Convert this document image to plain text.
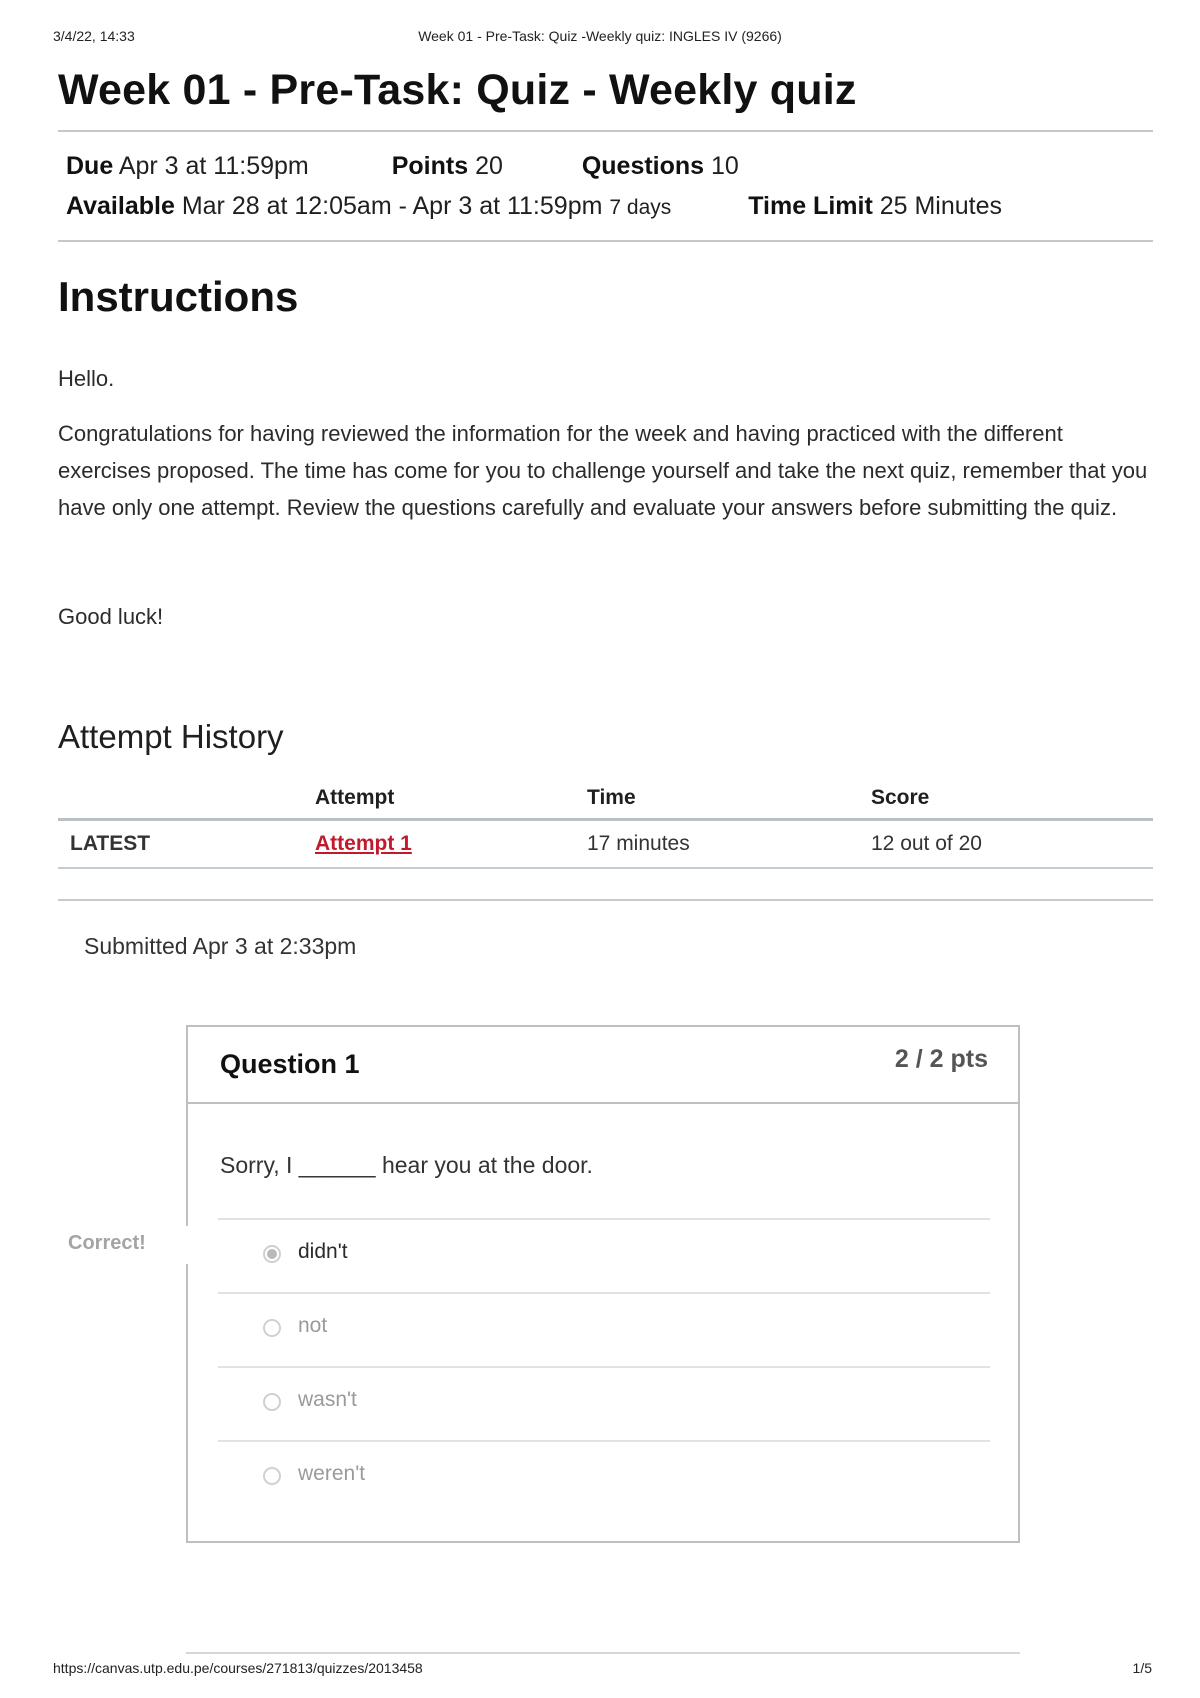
3/4/22, 14:33	Week 01 - Pre-Task: Quiz -Weekly quiz: INGLES IV (9266)
Week 01 - Pre-Task: Quiz - Weekly quiz
Due Apr 3 at 11:59pm	Points 20	Questions 10
Available Mar 28 at 12:05am - Apr 3 at 11:59pm 7 days	Time Limit 25 Minutes
Instructions

Hello.

Congratulations for having reviewed the information for the week and having practiced with the different exercises proposed. The time has come for you to challenge yourself and take the next quiz, remember that you have only one attempt. Review the questions carefully and evaluate your answers before submitting the quiz.

Good luck!

Attempt History
	Attempt	Time	Score
LATEST	Attempt 1	17 minutes	12 out of 20
Submitted Apr 3 at 2:33pm
Correct!
Question 1	2 / 2 pts
Sorry, I ______ hear you at the door.
didn't
not
wasn't
weren't
https://canvas.utp.edu.pe/courses/271813/quizzes/2013458	1/5
